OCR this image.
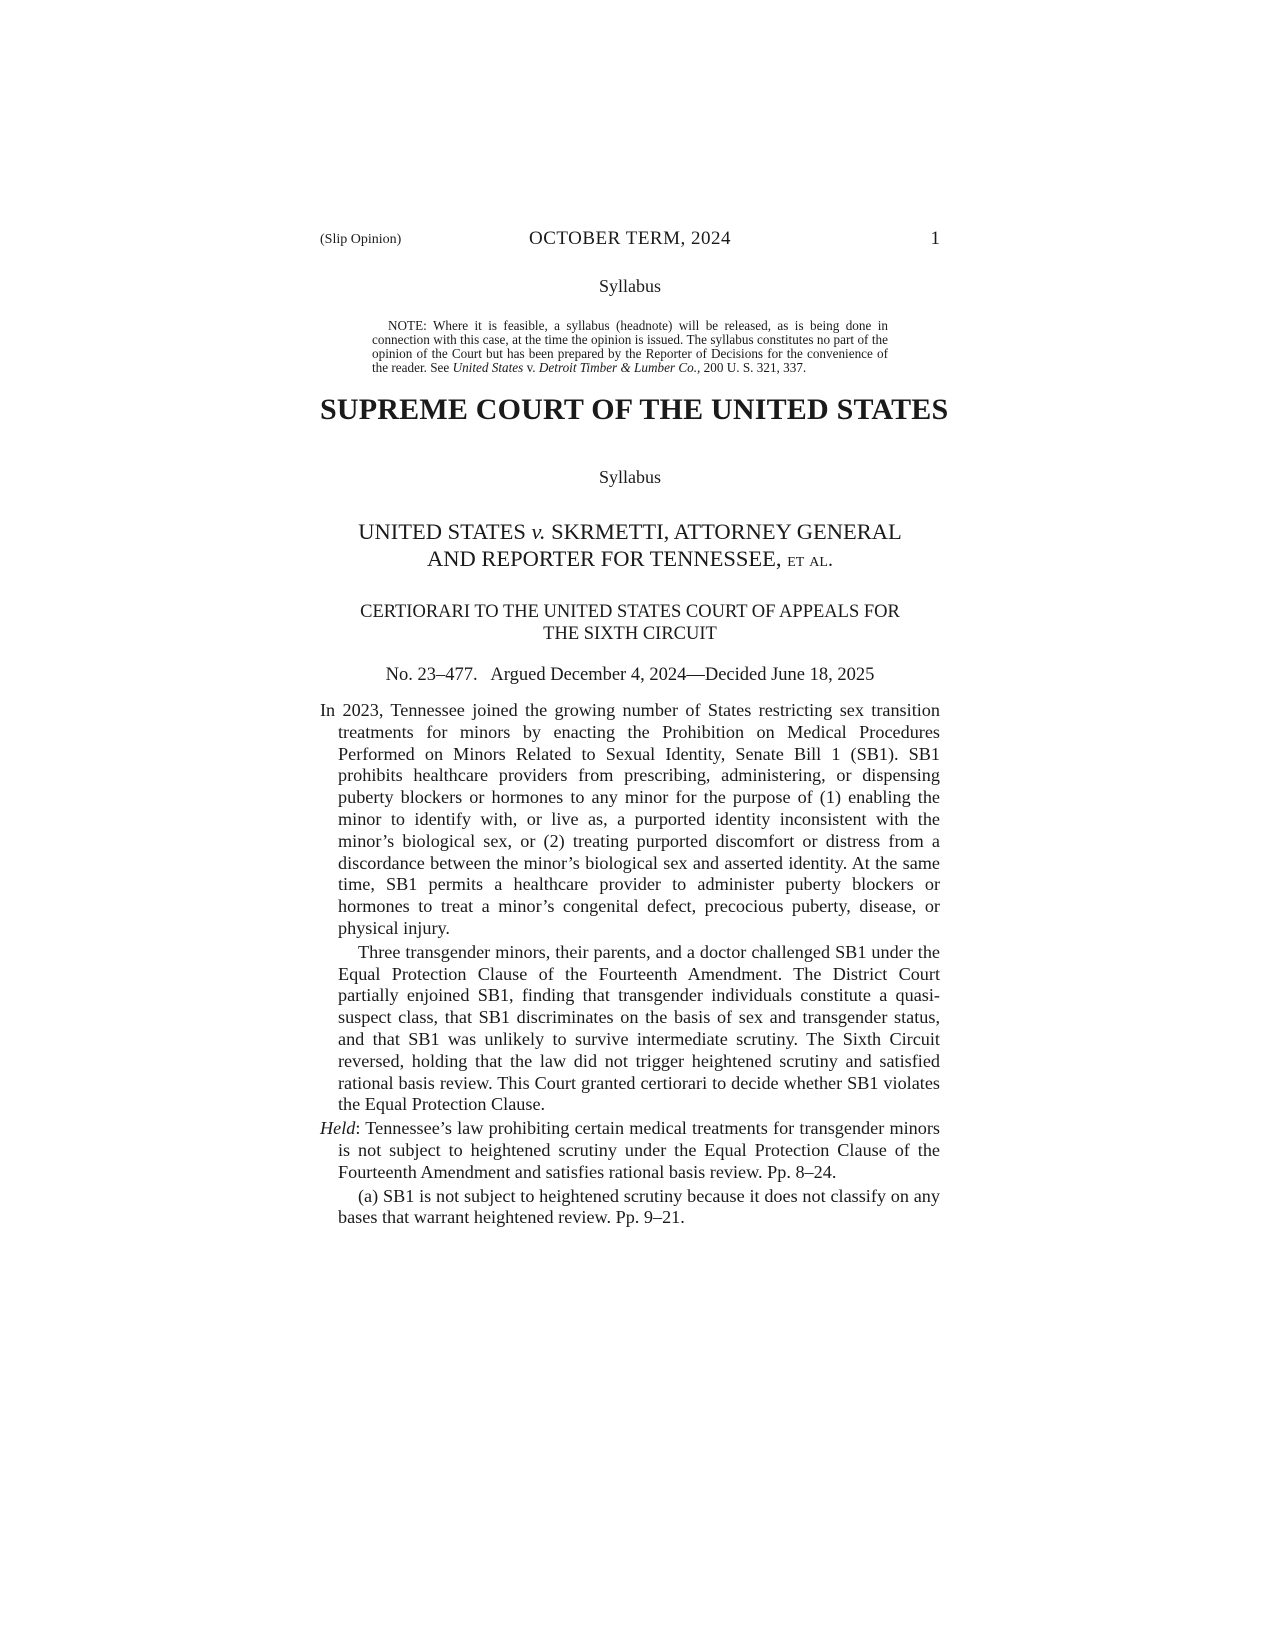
(Slip Opinion)	OCTOBER TERM, 2024	1
Syllabus

NOTE: Where it is feasible, a syllabus (headnote) will be released, as is being done in connection with this case, at the time the opinion is issued. The syllabus constitutes no part of the opinion of the Court but has been prepared by the Reporter of Decisions for the convenience of the reader. See United States v. Detroit Timber & Lumber Co., 200 U. S. 321, 337.

SUPREME COURT OF THE UNITED STATES
Syllabus
UNITED STATES v. SKRMETTI, ATTORNEY GENERAL
AND REPORTER FOR TENNESSEE, et al.
CERTIORARI TO THE UNITED STATES COURT OF APPEALS FOR
THE SIXTH CIRCUIT
No. 23–477.   Argued December 4, 2024—Decided June 18, 2025

In 2023, Tennessee joined the growing number of States restricting sex transition treatments for minors by enacting the Prohibition on Medical Procedures Performed on Minors Related to Sexual Identity, Senate Bill 1 (SB1). SB1 prohibits healthcare providers from prescribing, administering, or dispensing puberty blockers or hormones to any minor for the purpose of (1) enabling the minor to identify with, or live as, a purported identity inconsistent with the minor’s biological sex, or (2) treating purported discomfort or distress from a discordance between the minor’s biological sex and asserted identity. At the same time, SB1 permits a healthcare provider to administer puberty blockers or hormones to treat a minor’s congenital defect, precocious puberty, disease, or physical injury.

Three transgender minors, their parents, and a doctor challenged SB1 under the Equal Protection Clause of the Fourteenth Amendment. The District Court partially enjoined SB1, finding that transgender individuals constitute a quasi-suspect class, that SB1 discriminates on the basis of sex and transgender status, and that SB1 was unlikely to survive intermediate scrutiny. The Sixth Circuit reversed, holding that the law did not trigger heightened scrutiny and satisfied rational basis review. This Court granted certiorari to decide whether SB1 violates the Equal Protection Clause.

Held: Tennessee’s law prohibiting certain medical treatments for transgender minors is not subject to heightened scrutiny under the Equal Protection Clause of the Fourteenth Amendment and satisfies rational basis review. Pp. 8–24.

(a) SB1 is not subject to heightened scrutiny because it does not classify on any bases that warrant heightened review. Pp. 9–21.
